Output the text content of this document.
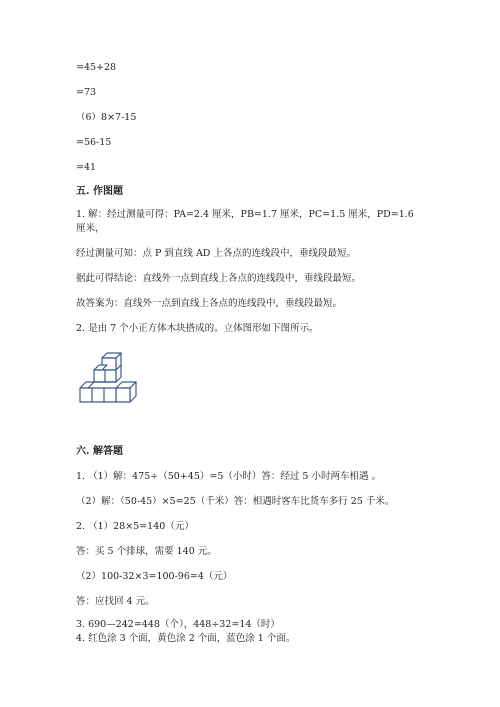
=45+28
=73
（6）8×7-15
=56-15
=41
五. 作图题
1. 解：经过测量可得：PA=2.4 厘米，PB=1.7 厘米，PC=1.5 厘米，PD=1.6 厘米，
经过测量可知：点 P 到直线 AD 上各点的连线段中，垂线段最短。
据此可得结论：直线外一点到直线上各点的连线段中，垂线段最短。
故答案为：直线外一点到直线上各点的连线段中，垂线段最短。
2. 是由 7 个小正方体木块搭成的。立体图形如下图所示。
六. 解答题
1. （1）解：475÷（50+45）=5（小时）答：经过 5 小时两车相遇 。
（2）解：（50-45）×5=25（千米）答：相遇时客车比货车多行 25 千米。
2. （1）28×5=140（元）
答：买 5 个排球，需要 140 元。
（2）100-32×3=100-96=4（元）
答：应找回 4 元。
3. 690—242=448（个），448÷32=14（时）
4. 红色涂 3 个面，黄色涂 2 个面，蓝色涂 1 个面。
